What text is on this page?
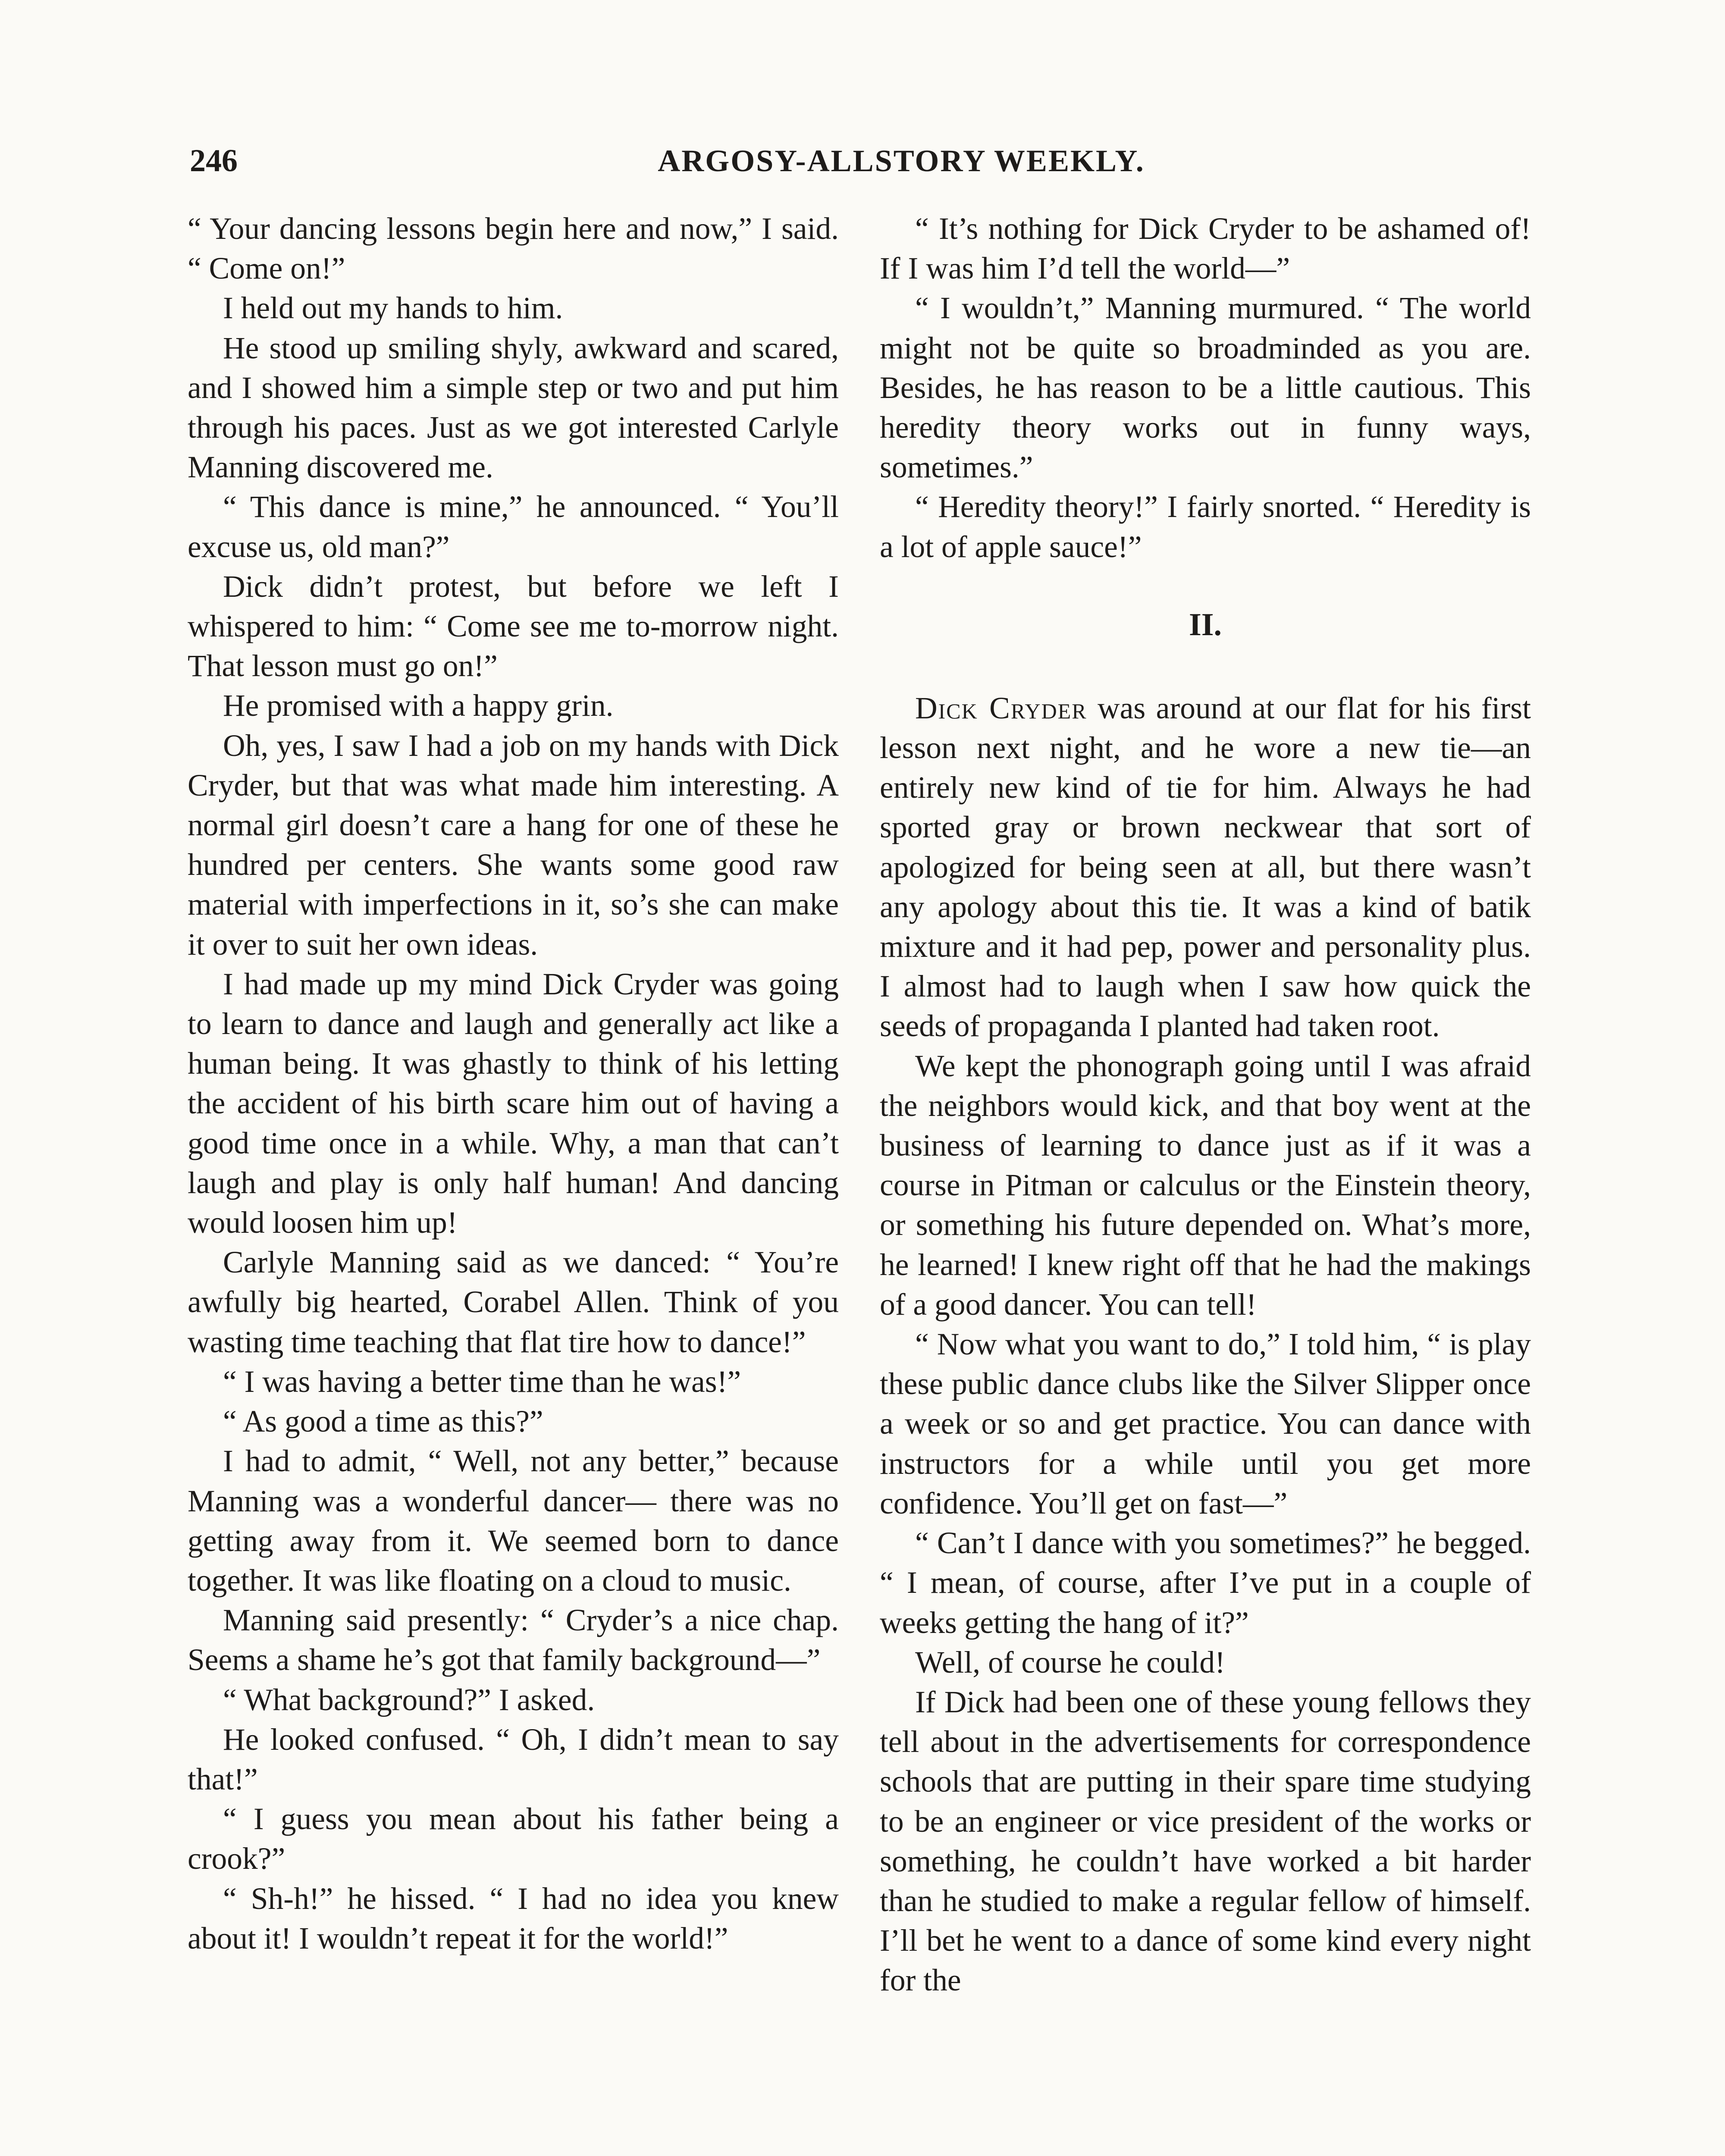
246	ARGOSY-ALLSTORY WEEKLY.

“ Your dancing lessons begin here and now,” I said. “ Come on!”

I held out my hands to him.

He stood up smiling shyly, awkward and scared, and I showed him a simple step or two and put him through his paces. Just as we got interested Carlyle Manning discovered me.

“ This dance is mine,” he announced. “ You’ll excuse us, old man?”

Dick didn’t protest, but before we left I whispered to him: “ Come see me to-morrow night. That lesson must go on!”

He promised with a happy grin.

Oh, yes, I saw I had a job on my hands with Dick Cryder, but that was what made him interesting. A normal girl doesn’t care a hang for one of these he hundred per centers. She wants some good raw material with imperfections in it, so’s she can make it over to suit her own ideas.

I had made up my mind Dick Cryder was going to learn to dance and laugh and generally act like a human being. It was ghastly to think of his letting the accident of his birth scare him out of having a good time once in a while. Why, a man that can’t laugh and play is only half human! And dancing would loosen him up!

Carlyle Manning said as we danced: “ You’re awfully big hearted, Corabel Allen. Think of you wasting time teaching that flat tire how to dance!”

“ I was having a better time than he was!”

“ As good a time as this?”

I had to admit, “ Well, not any better,” because Manning was a wonderful dancer— there was no getting away from it. We seemed born to dance together. It was like floating on a cloud to music.

Manning said presently: “ Cryder’s a nice chap. Seems a shame he’s got that family background—”

“ What background?” I asked.

He looked confused. “ Oh, I didn’t mean to say that!”

“ I guess you mean about his father being a crook?”

“ Sh-h!” he hissed. “ I had no idea you knew about it! I wouldn’t repeat it for the world!”

“ It’s nothing for Dick Cryder to be ashamed of! If I was him I’d tell the world—”

“ I wouldn’t,” Manning murmured. “ The world might not be quite so broadminded as you are. Besides, he has reason to be a little cautious. This heredity theory works out in funny ways, sometimes.”

“ Heredity theory!” I fairly snorted. “ Heredity is a lot of apple sauce!”

II.

Dick Cryder was around at our flat for his first lesson next night, and he wore a new tie—an entirely new kind of tie for him. Always he had sported gray or brown neckwear that sort of apologized for being seen at all, but there wasn’t any apology about this tie. It was a kind of batik mixture and it had pep, power and personality plus. I almost had to laugh when I saw how quick the seeds of propaganda I planted had taken root.

We kept the phonograph going until I was afraid the neighbors would kick, and that boy went at the business of learning to dance just as if it was a course in Pitman or calculus or the Einstein theory, or something his future depended on. What’s more, he learned! I knew right off that he had the makings of a good dancer. You can tell!

“ Now what you want to do,” I told him, “ is play these public dance clubs like the Silver Slipper once a week or so and get practice. You can dance with instructors for a while until you get more confidence. You’ll get on fast—”

“ Can’t I dance with you sometimes?” he begged. “ I mean, of course, after I’ve put in a couple of weeks getting the hang of it?”

Well, of course he could!

If Dick had been one of these young fellows they tell about in the advertisements for correspondence schools that are putting in their spare time studying to be an engineer or vice president of the works or something, he couldn’t have worked a bit harder than he studied to make a regular fellow of himself. I’ll bet he went to a dance of some kind every night for the
